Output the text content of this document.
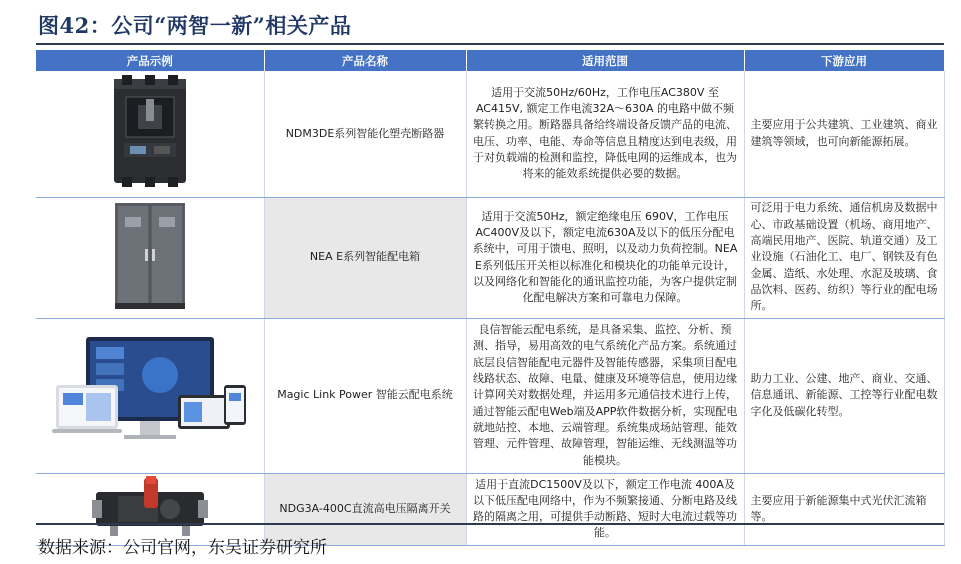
图42：公司“两智一新”相关产品
产品示例	产品名称	适用范围	下游应用
	NDM3DE系列智能化塑壳断路器	适用于交流50Hz/60Hz，工作电压AC380V 至AC415V, 额定工作电流32A～630A 的电路中做不频繁转换之用。断路器具备给终端设备反馈产品的电流、电压、功率、电能、寿命等信息且精度达到电表级，用于对负载端的检测和监控，降低电网的运维成本，也为将来的能效系统提供必要的数据。	主要应用于公共建筑、工业建筑、商业建筑等领域，也可向新能源拓展。
	NEA E系列智能配电箱	适用于交流50Hz，额定绝缘电压 690V，工作电压AC400V及以下，额定电流630A及以下的低压分配电系统中，可用于馈电、照明，以及动力负荷控制。NEA E系列低压开关柜以标准化和模块化的功能单元设计，以及网络化和智能化的通讯监控功能，为客户提供定制化配电解决方案和可靠电力保障。	可泛用于电力系统、通信机房及数据中心、市政基础设置（机场、商用地产、高端民用地产、医院、轨道交通）及工业设施（石油化工、电厂、钢铁及有色金属、造纸、水处理、水泥及玻璃、食品饮料、医药、纺织）等行业的配电场所。
	Magic Link Power 智能云配电系统	良信智能云配电系统，是具备采集、监控、分析、预测、指导，易用高效的电气系统化产品方案。系统通过底层良信智能配电元器件及智能传感器，采集项目配电线路状态、故障、电量、健康及环境等信息，使用边缘计算网关对数据处理，并运用多元通信技术进行上传，通过智能云配电Web端及APP软件数据分析，实现配电就地站控、本地、云端管理。系统集成场站管理、能效管理、元件管理、故障管理，智能运维、无线测温等功能模块。	助力工业、公建、地产、商业、交通、信息通讯、新能源、工控等行业配电数字化及低碳化转型。
	NDG3A-400C直流高电压隔离开关	适用于直流DC1500V及以下，额定工作电流 400A及以下低压配电网络中，作为不频繁接通、分断电路及线路的隔离之用，可提供手动断路、短时大电流过载等功能。	主要应用于新能源集中式光伏汇流箱等。
数据来源：公司官网，东吴证券研究所
